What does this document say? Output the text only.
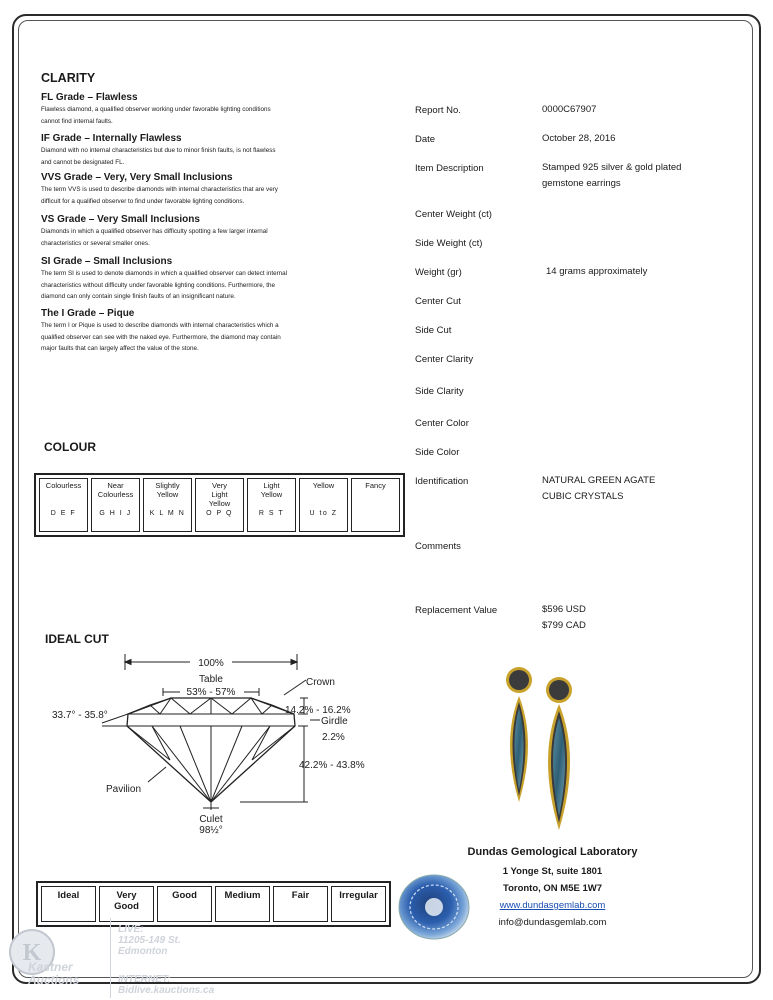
CLARITY
FL Grade – Flawless
Flawless diamond, a qualified observer working under favorable lighting conditions
cannot find internal faults.
IF Grade – Internally Flawless
Diamond with no internal characteristics but due to minor finish faults, is not flawless
and cannot be designated FL.
VVS Grade – Very, Very Small Inclusions
The term VVS is used to describe diamonds with internal characteristics that are very
difficult for a qualified observer to find under favorable lighting conditions.
VS Grade – Very Small Inclusions
Diamonds in which a qualified observer has difficulty spotting a few larger internal
characteristics or several smaller ones.
SI Grade – Small Inclusions
The term SI is used to denote diamonds in which a qualified observer can detect internal
characteristics without difficulty under favorable lighting conditions. Furthermore, the
diamond can only contain single finish faults of an insignificant nature.
The I Grade – Pique
The term I or Pique is used to describe diamonds with internal characteristics which a
qualified observer can see with the naked eye. Furthermore, the diamond may contain
major faults that can largely affect the value of the stone.
COLOUR
Colourless
D E F

Near
Colourless
G H I J

Slightly
Yellow
K L M N

Very
Light
Yellow
O P Q

Light
Yellow
R S T

Yellow
U to Z
	Fancy
IDEAL CUT
100%
Table
53% - 57%
Crown
14.2% - 16.2%
Girdle
2.2%
33.7° - 35.8°
42.2% - 43.8%
Pavilion
Culet
98½°
Ideal	Very
Good

Good	Medium	Fair	Irregular
Report No.	0000C67907
Date	October 28, 2016
Item Description	Stamped 925 silver & gold plated
gemstone earrings
Center Weight (ct)
Side Weight (ct)
Weight (gr)	14 grams approximately
Center Cut
Side Cut
Center Clarity
Side Clarity
Center Color
Side Color
Identification	NATURAL GREEN AGATE
CUBIC CRYSTALS
Comments
Replacement Value	$596 USD
$799 CAD
Dundas Gemological Laboratory
1 Yonge St, suite 1801
Toronto, ON M5E 1W7
www.dundasgemlab.com
info@dundasgemlab.com
K
Kastner
Auctions
LIVE:
11205-149 St.
Edmonton
INTERNET:
Bidlive.kauctions.ca
